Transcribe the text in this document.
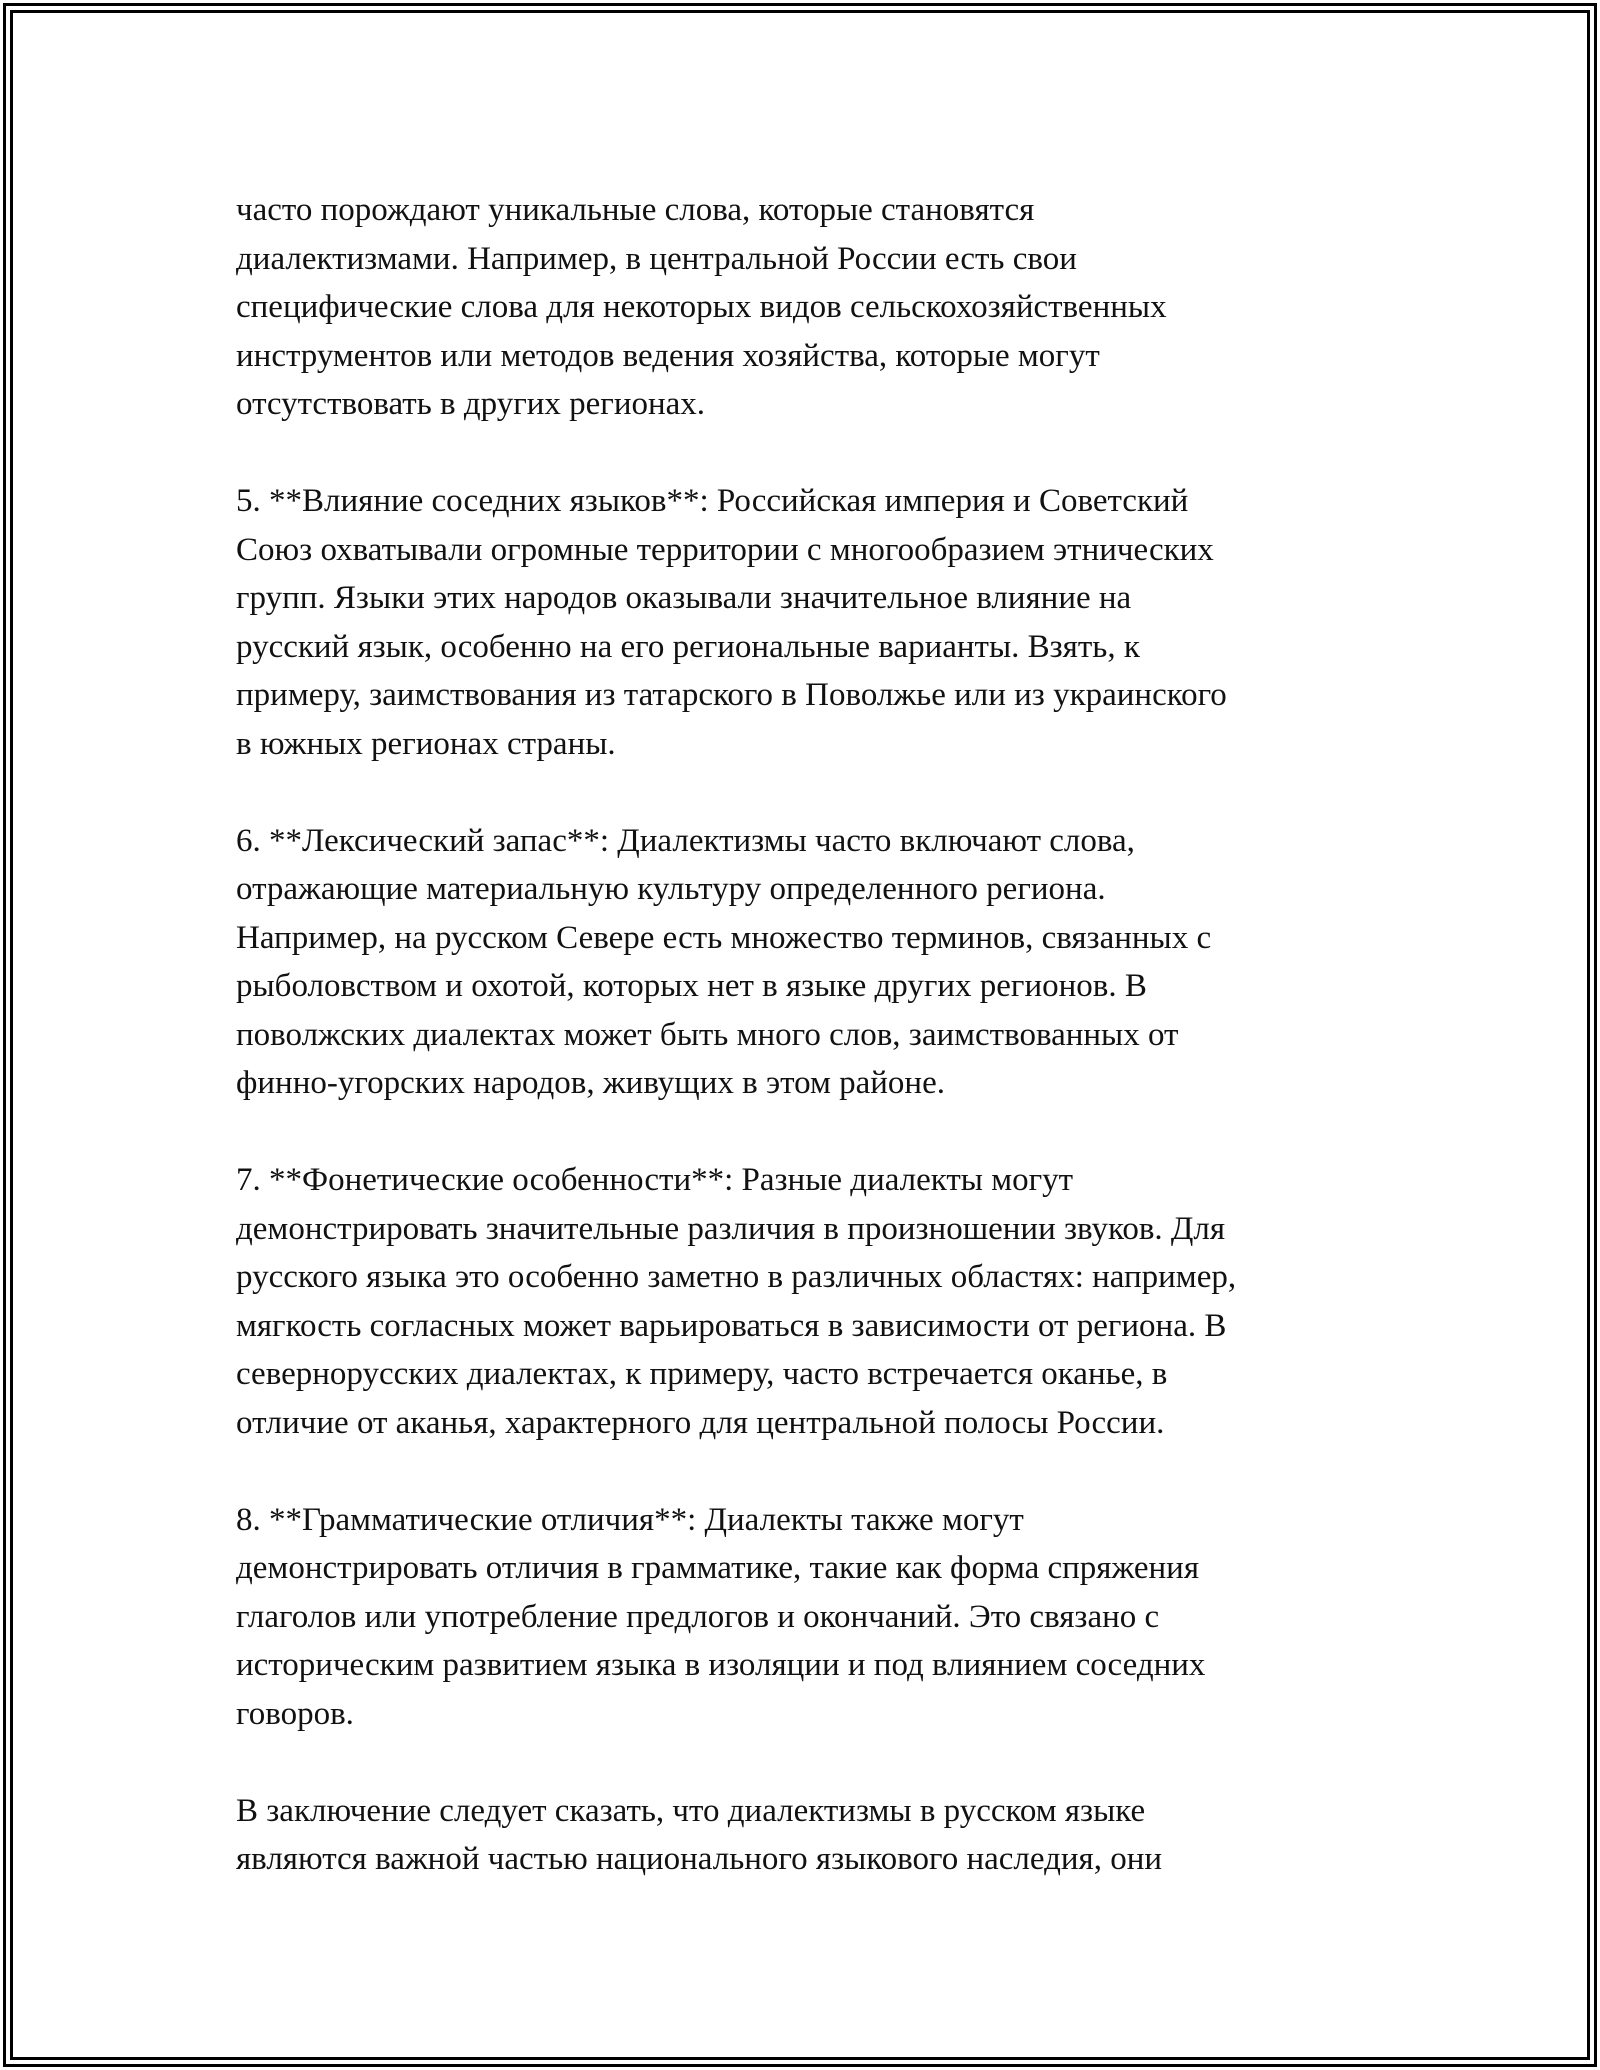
часто порождают уникальные слова, которые становятся
диалектизмами. Например, в центральной России есть свои
специфические слова для некоторых видов сельскохозяйственных
инструментов или методов ведения хозяйства, которые могут
отсутствовать в других регионах.
5. **Влияние соседних языков**: Российская империя и Советский
Союз охватывали огромные территории с многообразием этнических
групп. Языки этих народов оказывали значительное влияние на
русский язык, особенно на его региональные варианты. Взять, к
примеру, заимствования из татарского в Поволжье или из украинского
в южных регионах страны.
6. **Лексический запас**: Диалектизмы часто включают слова,
отражающие материальную культуру определенного региона.
Например, на русском Севере есть множество терминов, связанных с
рыболовством и охотой, которых нет в языке других регионов. В
поволжских диалектах может быть много слов, заимствованных от
финно-угорских народов, живущих в этом районе.
7. **Фонетические особенности**: Разные диалекты могут
демонстрировать значительные различия в произношении звуков. Для
русского языка это особенно заметно в различных областях: например,
мягкость согласных может варьироваться в зависимости от региона. В
севернорусских диалектах, к примеру, часто встречается оканье, в
отличие от аканья, характерного для центральной полосы России.
8. **Грамматические отличия**: Диалекты также могут
демонстрировать отличия в грамматике, такие как форма спряжения
глаголов или употребление предлогов и окончаний. Это связано с
историческим развитием языка в изоляции и под влиянием соседних
говоров.
В заключение следует сказать, что диалектизмы в русском языке
являются важной частью национального языкового наследия, они
